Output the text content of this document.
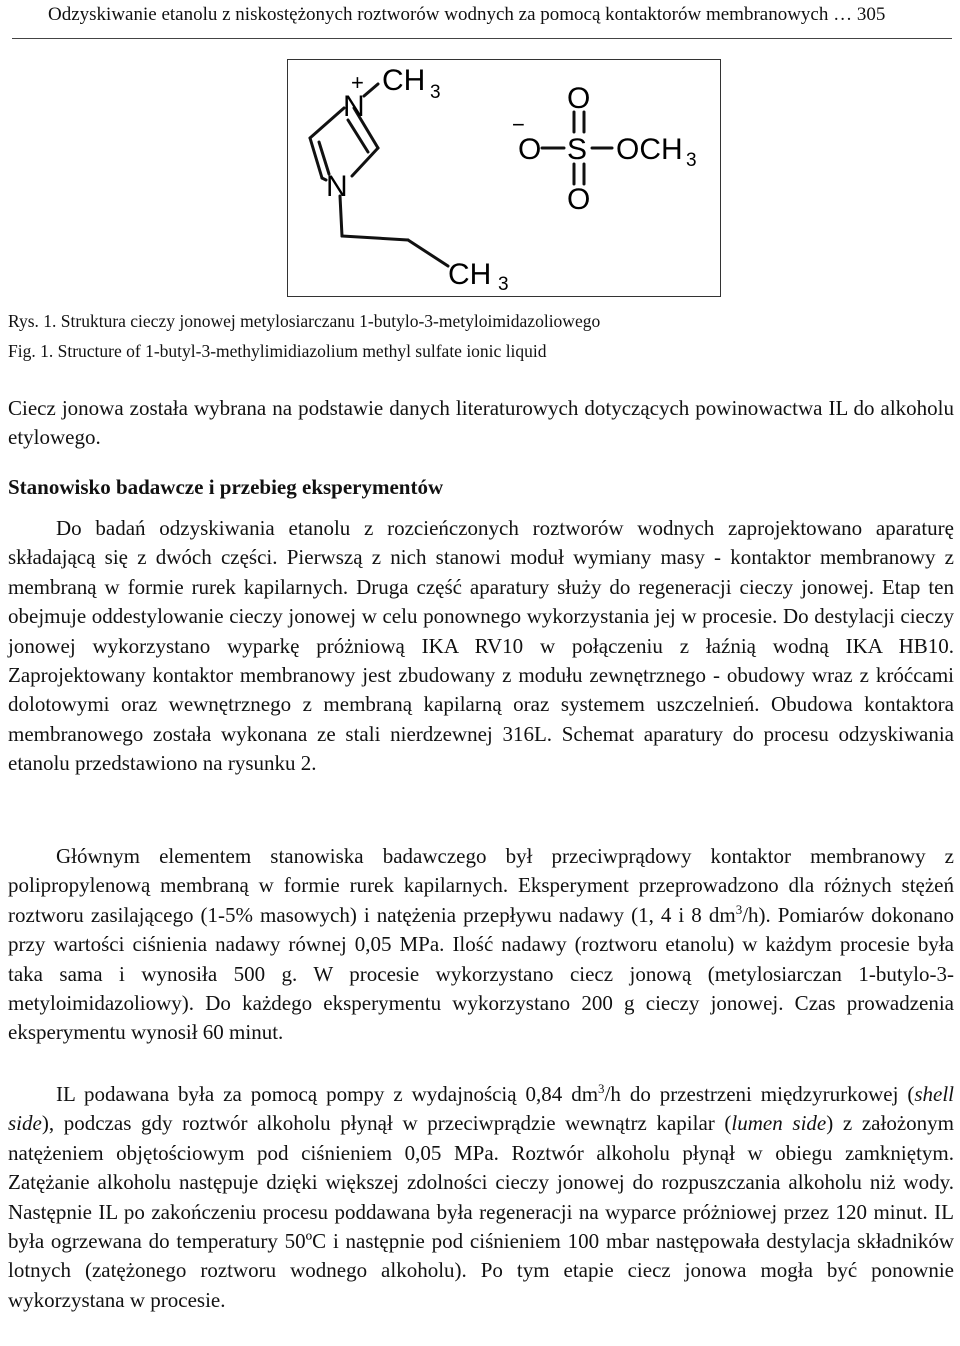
Odzyskiwanie etanolu z niskostężonych roztworów wodnych za pomocą kontaktorów membranowych … 305
+
N
CH 3
N
CH 3
−
O S
O
O
OCH 3
Rys. 1. Struktura cieczy jonowej metylosiarczanu 1-butylo-3-metyloimidazoliowego
Fig. 1. Structure of 1-butyl-3-methylimidiazolium methyl sulfate ionic liquid

Ciecz jonowa została wybrana na podstawie danych literaturowych dotyczących powinowactwa IL do alkoholu etylowego.

Stanowisko badawcze i przebieg eksperymentów

Do badań odzyskiwania etanolu z rozcieńczonych roztworów wodnych zaprojektowano aparaturę składającą się z dwóch części. Pierwszą z nich stanowi moduł wymiany masy - kontaktor membranowy z membraną w formie rurek kapilarnych. Druga część aparatury służy do regeneracji cieczy jonowej. Etap ten obejmuje oddestylowanie cieczy jonowej w celu ponownego wykorzystania jej w procesie. Do destylacji cieczy jonowej wykorzystano wyparkę próżniową IKA RV10 w połączeniu z łaźnią wodną IKA HB10. Zaprojektowany kontaktor membranowy jest zbudowany z modułu zewnętrznego - obudowy wraz z króćcami dolotowymi oraz wewnętrznego z membraną kapilarną oraz systemem uszczelnień. Obudowa kontaktora membranowego została wykonana ze stali nierdzewnej 316L. Schemat aparatury do procesu odzyskiwania etanolu przedstawiono na rysunku 2.

Głównym elementem stanowiska badawczego był przeciwprądowy kontaktor membranowy z polipropylenową membraną w formie rurek kapilarnych. Eksperyment przeprowadzono dla różnych stężeń roztworu zasilającego (1-5% masowych) i natężenia przepływu nadawy (1, 4 i 8 $dm^3/h$). Pomiarów dokonano przy wartości ciśnienia nadawy równej 0,05 MPa. Ilość nadawy (roztworu etanolu) w każdym procesie była taka sama i wynosiła 500 g. W procesie wykorzystano ciecz jonową (metylosiarczan 1-butylo-3-metyloimidazoliowy). Do każdego eksperymentu wykorzystano 200 g cieczy jonowej. Czas prowadzenia eksperymentu wynosił 60 minut.

IL podawana była za pomocą pompy z wydajnością 0,84 $dm^3/h$ do przestrzeni międzyrurkowej (shell side), podczas gdy roztwór alkoholu płynął w przeciwprądzie wewnątrz kapilar (lumen side) z założonym natężeniem objętościowym pod ciśnieniem 0,05 MPa. Roztwór alkoholu płynął w obiegu zamkniętym. Zatężanie alkoholu następuje dzięki większej zdolności cieczy jonowej do rozpuszczania alkoholu niż wody. Następnie IL po zakończeniu procesu poddawana była regeneracji na wyparce próżniowej przez 120 minut. IL była ogrzewana do temperatury 50ºC i następnie pod ciśnieniem 100 mbar następowała destylacja składników lotnych (zatężonego roztworu wodnego alkoholu). Po tym etapie ciecz jonowa mogła być ponownie wykorzystana w procesie.
